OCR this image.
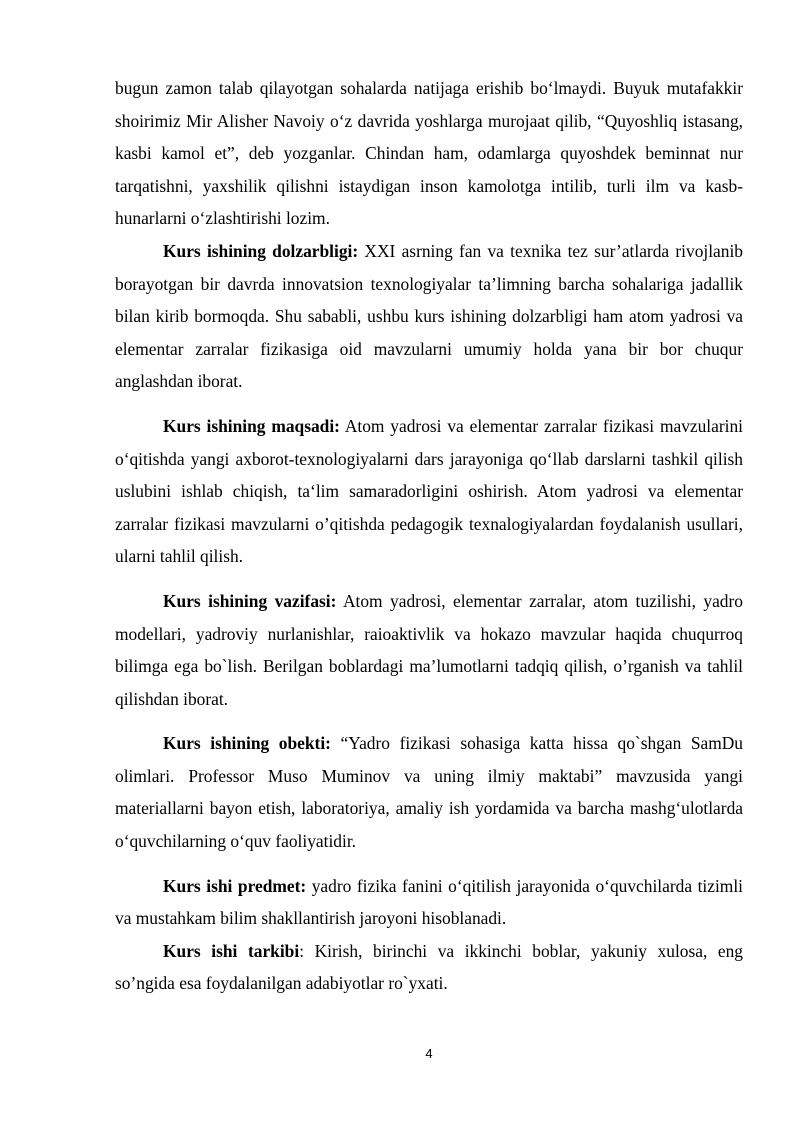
bugun zamon talab qilayotgan sohalarda natijaga erishib bo‘lmaydi. Buyuk mutafakkir shoirimiz Mir Alisher Navoiy o‘z davrida yoshlarga murojaat qilib, “Quyoshliq istasang, kasbi kamol et”, deb yozganlar. Chindan ham, odamlarga quyoshdek beminnat nur tarqatishni, yaxshilik qilishni istaydigan inson kamolotga intilib, turli ilm va kasb-hunarlarni o‘zlashtirishi lozim.

Kurs ishining dolzarbligi: XXI asrning fan va texnika tez sur’atlarda rivojlanib borayotgan bir davrda innovatsion texnologiyalar ta’limning barcha sohalariga jadallik bilan kirib bormoqda. Shu sababli, ushbu kurs ishining dolzarbligi ham atom yadrosi va elementar zarralar fizikasiga oid mavzularni umumiy holda yana bir bor chuqur anglashdan iborat.

Kurs ishining maqsadi: Atom yadrosi va elementar zarralar fizikasi mavzularini o‘qitishda yangi axborot-texnologiyalarni dars jarayoniga qo‘llab darslarni tashkil qilish uslubini ishlab chiqish, ta‘lim samaradorligini oshirish. Atom yadrosi va elementar zarralar fizikasi mavzularni o’qitishda pedagogik texnalogiyalardan foydalanish usullari, ularni tahlil qilish.

Kurs ishining vazifasi: Atom yadrosi, elementar zarralar, atom tuzilishi, yadro modellari, yadroviy nurlanishlar, raioaktivlik va hokazo mavzular haqida chuqurroq bilimga ega bo`lish. Berilgan boblardagi ma’lumotlarni tadqiq qilish, o’rganish va tahlil qilishdan iborat.

Kurs ishining obekti: “Yadro fizikasi sohasiga katta hissa qo`shgan SamDu olimlari. Professor Muso Muminov va uning ilmiy maktabi” mavzusida yangi materiallarni bayon etish, laboratoriya, amaliy ish yordamida va barcha mashg‘ulotlarda o‘quvchilarning o‘quv faoliyatidir.

Kurs ishi predmet: yadro fizika fanini o‘qitilish jarayonida o‘quvchilarda tizimli va mustahkam bilim shakllantirish jaroyoni hisoblanadi.

Kurs ishi tarkibi: Kirish, birinchi va ikkinchi boblar, yakuniy xulosa, eng so’ngida esa foydalanilgan adabiyotlar ro`yxati.

4
